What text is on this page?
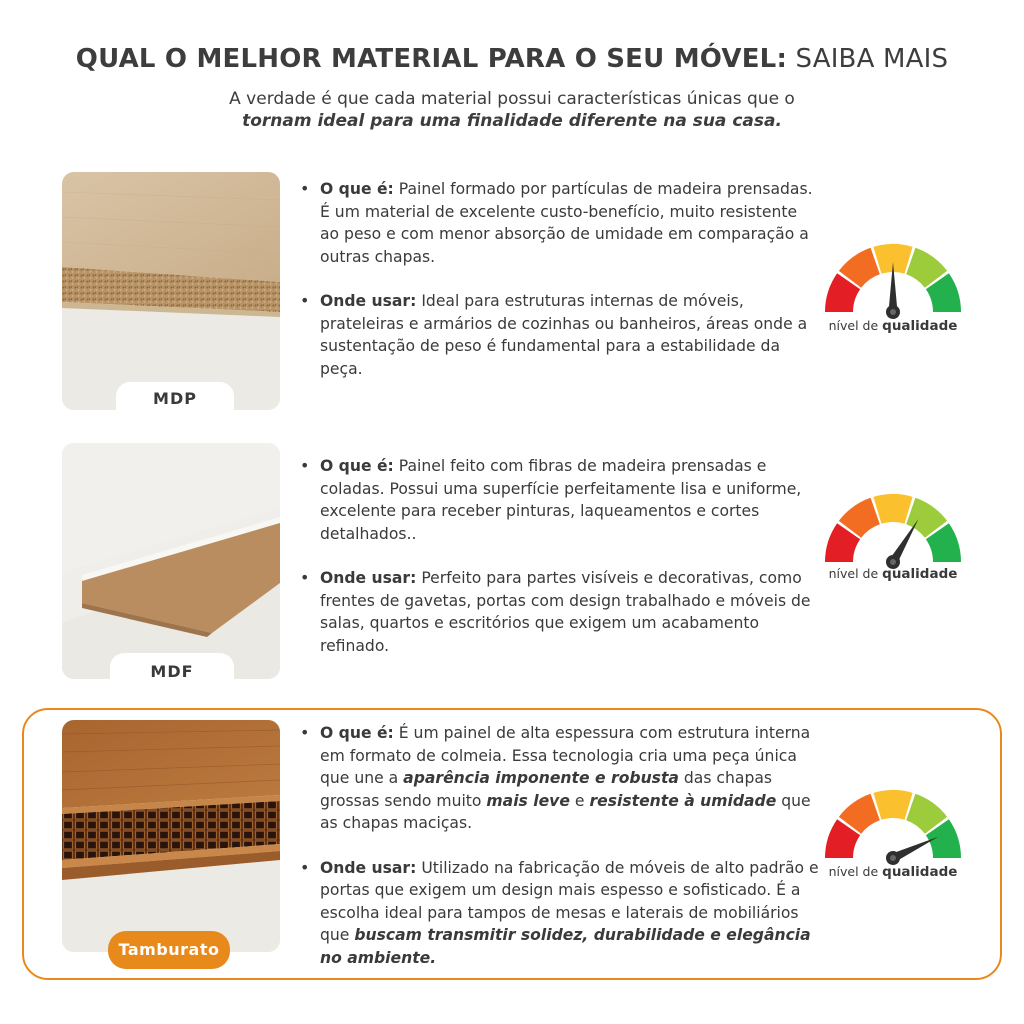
QUAL O MELHOR MATERIAL PARA O SEU MÓVEL: SAIBA MAIS
A verdade é que cada material possui características únicas que o
tornam ideal para uma finalidade diferente na sua casa.
MDP

• O que é: Painel formado por partículas de madeira prensadas. É um material de excelente custo-benefício, muito resistente ao peso e com menor absorção de umidade em comparação a outras chapas.

• Onde usar: Ideal para estruturas internas de móveis, prateleiras e armários de cozinhas ou banheiros, áreas onde a sustentação de peso é fundamental para a estabilidade da peça.

nível de qualidade
MDF

• O que é: Painel feito com fibras de madeira prensadas e coladas. Possui uma superfície perfeitamente lisa e uniforme, excelente para receber pinturas, laqueamentos e cortes detalhados..

• Onde usar: Perfeito para partes visíveis e decorativas, como frentes de gavetas, portas com design trabalhado e móveis de salas, quartos e escritórios que exigem um acabamento refinado.

nível de qualidade
Tamburato

• O que é: É um painel de alta espessura com estrutura interna em formato de colmeia. Essa tecnologia cria uma peça única que une a aparência imponente e robusta das chapas grossas sendo muito mais leve e resistente à umidade que as chapas maciças.

• Onde usar: Utilizado na fabricação de móveis de alto padrão e portas que exigem um design mais espesso e sofisticado. É a escolha ideal para tampos de mesas e laterais de mobiliários que buscam transmitir solidez, durabilidade e elegância no ambiente.

nível de qualidade
